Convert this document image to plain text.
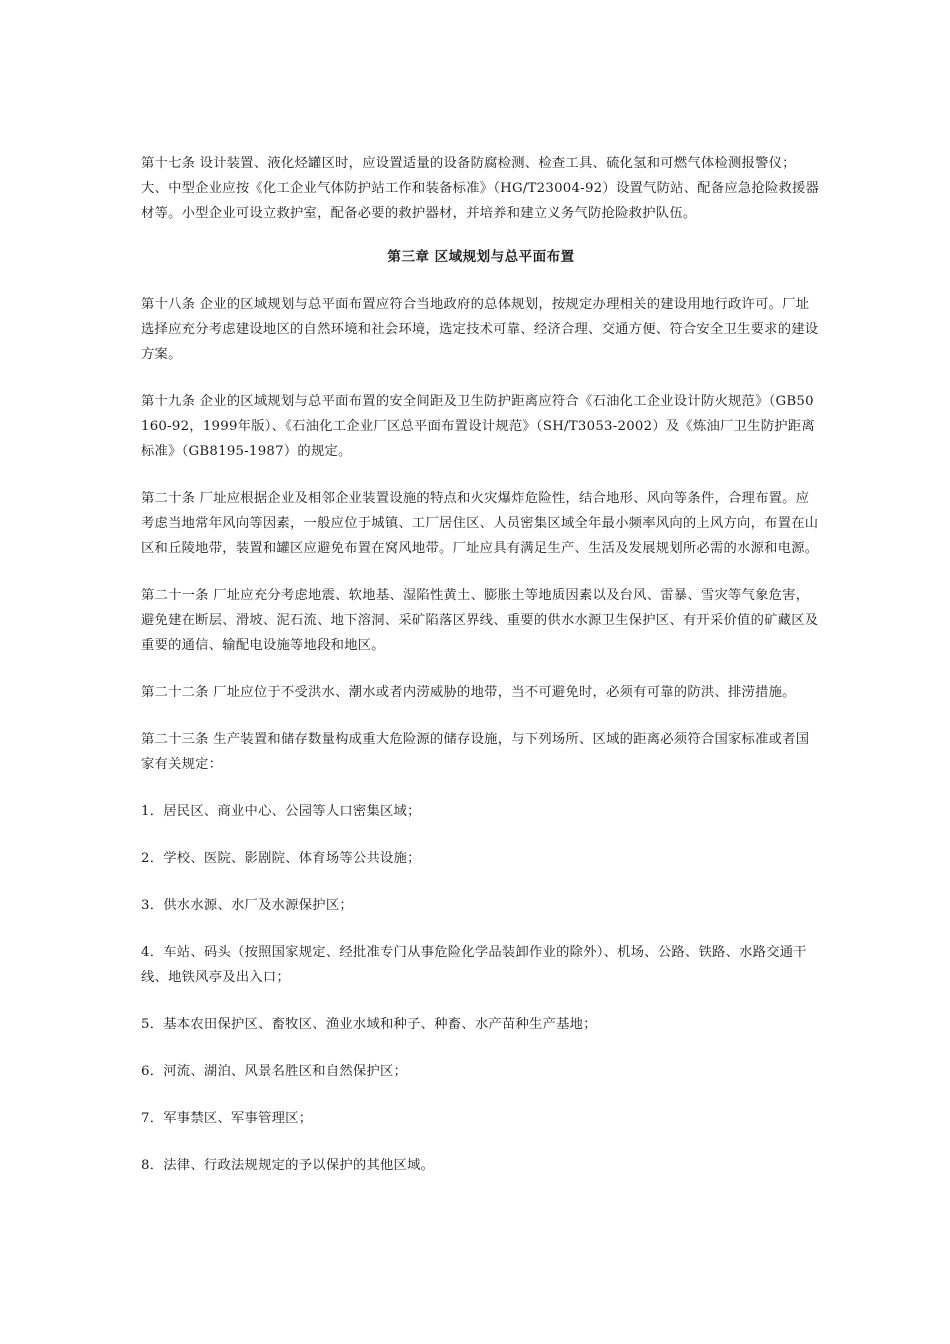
第十七条 设计装置、液化烃罐区时，应设置适量的设备防腐检测、检查工具、硫化氢和可燃气体检测报警仪；大、中型企业应按《化工企业气体防护站工作和装备标准》（HG/T23004-92）设置气防站、配备应急抢险救援器材等。小型企业可设立救护室，配备必要的救护器材，并培养和建立义务气防抢险救护队伍。

第三章 区域规划与总平面布置

第十八条 企业的区域规划与总平面布置应符合当地政府的总体规划，按规定办理相关的建设用地行政许可。厂址选择应充分考虑建设地区的自然环境和社会环境，选定技术可靠、经济合理、交通方便、符合安全卫生要求的建设方案。

第十九条 企业的区域规划与总平面布置的安全间距及卫生防护距离应符合《石油化工企业设计防火规范》（GB50160-92，1999年版）、《石油化工企业厂区总平面布置设计规范》（SH/T3053-2002）及《炼油厂卫生防护距离标准》（GB8195-1987）的规定。

第二十条 厂址应根据企业及相邻企业装置设施的特点和火灾爆炸危险性，结合地形、风向等条件，合理布置。应考虑当地常年风向等因素，一般应位于城镇、工厂居住区、人员密集区域全年最小频率风向的上风方向，布置在山区和丘陵地带，装置和罐区应避免布置在窝风地带。厂址应具有满足生产、生活及发展规划所必需的水源和电源。

第二十一条 厂址应充分考虑地震、软地基、湿陷性黄土、膨胀土等地质因素以及台风、雷暴、雪灾等气象危害，避免建在断层、滑坡、泥石流、地下溶洞、采矿陷落区界线、重要的供水水源卫生保护区、有开采价值的矿藏区及重要的通信、输配电设施等地段和地区。

第二十二条 厂址应位于不受洪水、潮水或者内涝威胁的地带，当不可避免时，必须有可靠的防洪、排涝措施。

第二十三条 生产装置和储存数量构成重大危险源的储存设施，与下列场所、区域的距离必须符合国家标准或者国家有关规定：

1．居民区、商业中心、公园等人口密集区域；

2．学校、医院、影剧院、体育场等公共设施；

3．供水水源、水厂及水源保护区；

4．车站、码头（按照国家规定、经批准专门从事危险化学品装卸作业的除外）、机场、公路、铁路、水路交通干线、地铁风亭及出入口；

5．基本农田保护区、畜牧区、渔业水域和种子、种畜、水产苗种生产基地；

6．河流、湖泊、风景名胜区和自然保护区；

7．军事禁区、军事管理区；

8．法律、行政法规规定的予以保护的其他区域。
